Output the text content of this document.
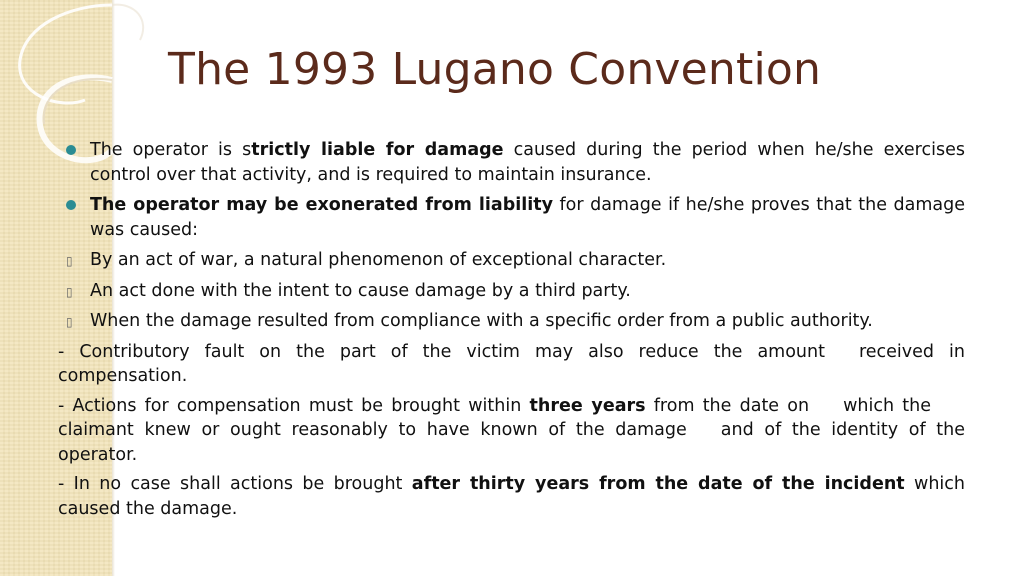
The 1993 Lugano Convention
The operator is strictly liable for damage caused during the period when he/she exercises control over that activity, and is required to maintain insurance.
The operator may be exonerated from liability for damage if he/she proves that the damage was caused:
▯ By an act of war, a natural phenomenon of exceptional character.
▯ An act done with the intent to cause damage by a third party.
▯ When the damage resulted from compliance with a specific order from a public authority.
- Contributory fault on the part of the victim may also reduce the amount received in compensation.
- Actions for compensation must be brought within three years from the date on which theclaimant knew or ought reasonably to have known of the damage and of the identity of the operator.
- In no case shall actions be brought after thirty years from the date of the incident which caused the damage.
